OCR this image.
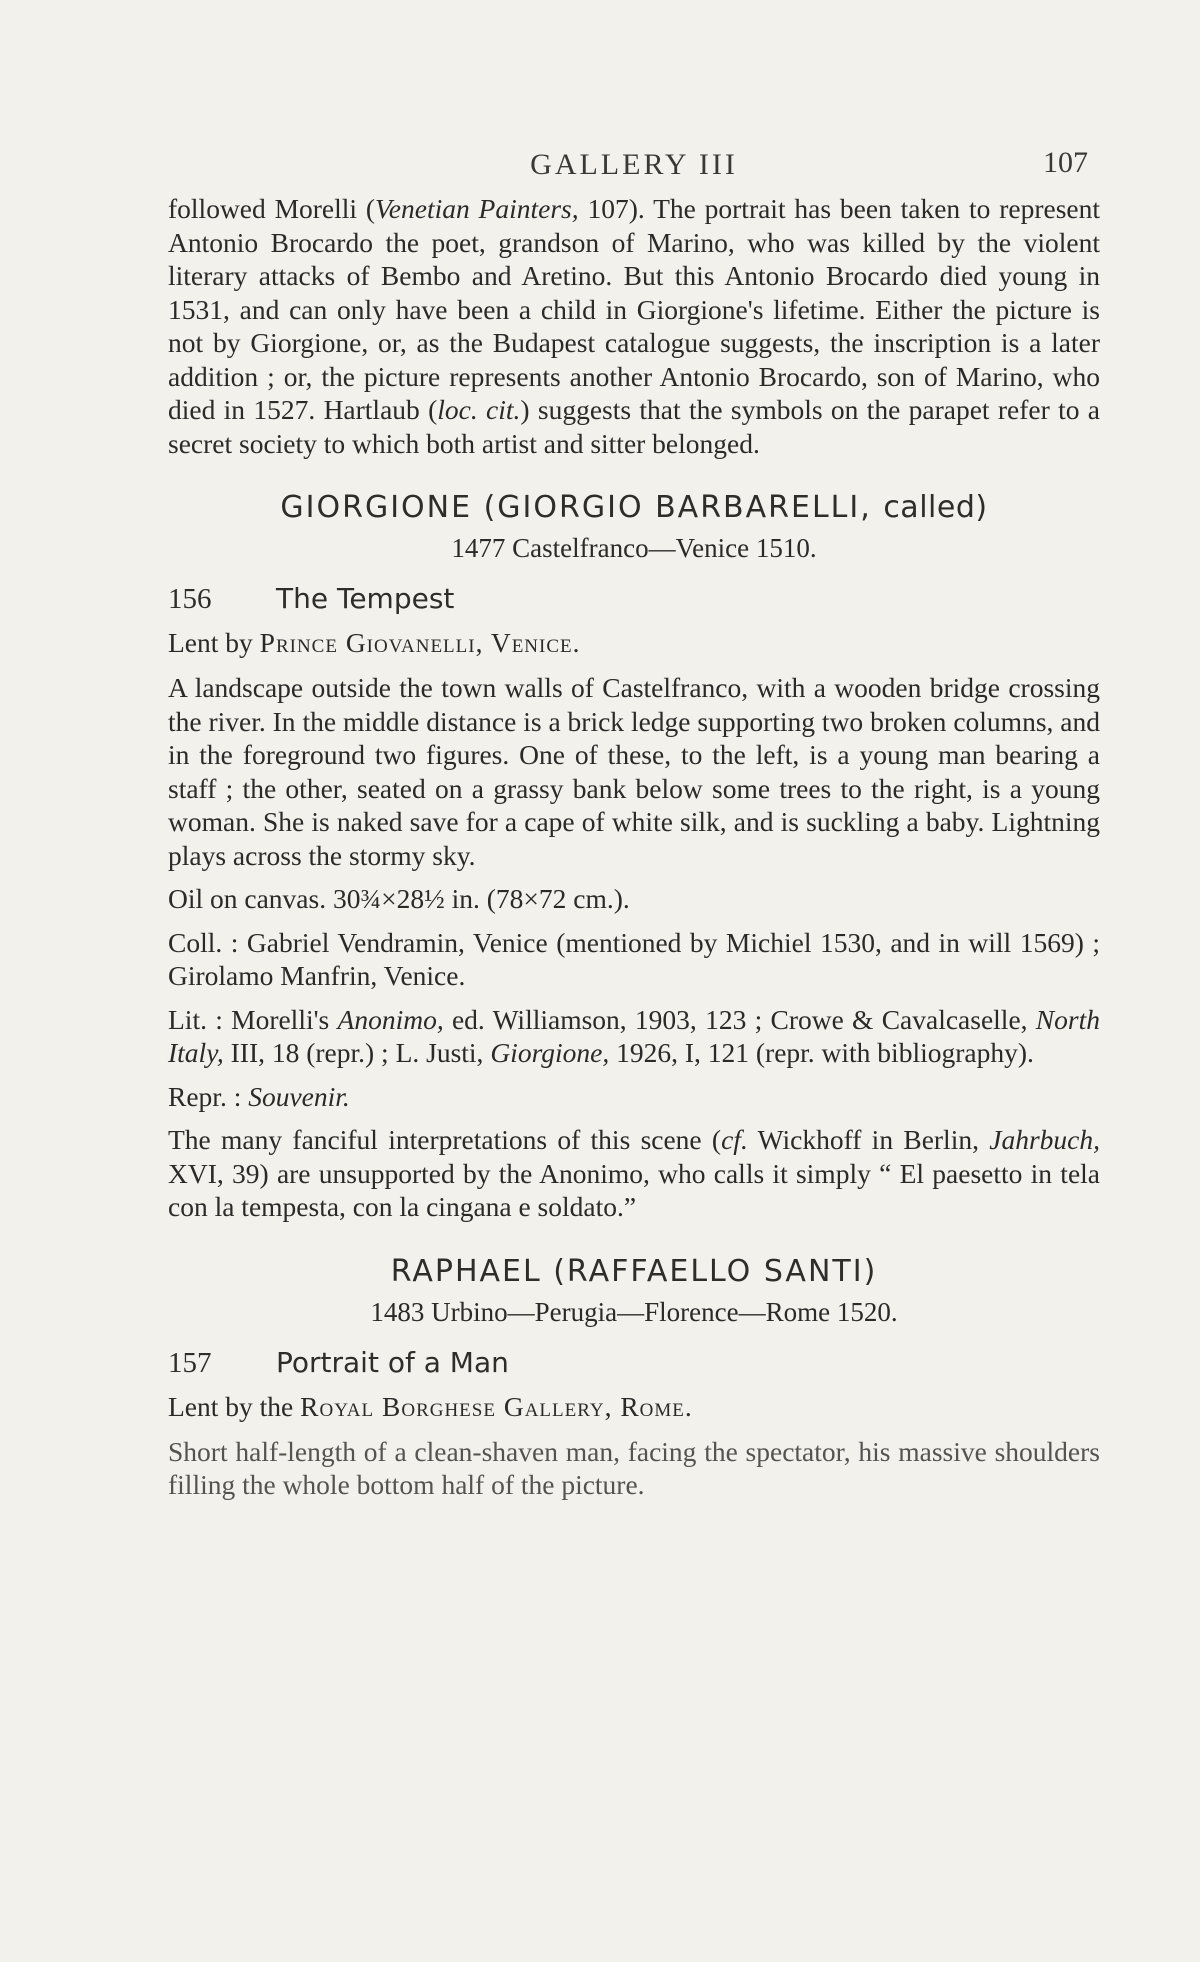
GALLERY III	107

followed Morelli (Venetian Painters, 107). The portrait has been taken to represent Antonio Brocardo the poet, grandson of Marino, who was killed by the violent literary attacks of Bembo and Aretino. But this Antonio Brocardo died young in 1531, and can only have been a child in Giorgione's lifetime. Either the picture is not by Giorgione, or, as the Budapest catalogue suggests, the inscription is a later addition ; or, the picture represents another Antonio Brocardo, son of Marino, who died in 1527. Hartlaub (loc. cit.) suggests that the symbols on the parapet refer to a secret society to which both artist and sitter belonged.

GIORGIONE (GIORGIO BARBARELLI, called)
1477 Castelfranco—Venice 1510.
156 The Tempest
Lent by Prince Giovanelli, Venice.

A landscape outside the town walls of Castelfranco, with a wooden bridge crossing the river. In the middle distance is a brick ledge supporting two broken columns, and in the foreground two figures. One of these, to the left, is a young man bearing a staff ; the other, seated on a grassy bank below some trees to the right, is a young woman. She is naked save for a cape of white silk, and is suckling a baby. Lightning plays across the stormy sky.

Oil on canvas. 30¾×28½ in. (78×72 cm.).

Coll. : Gabriel Vendramin, Venice (mentioned by Michiel 1530, and in will 1569) ; Girolamo Manfrin, Venice.

Lit. : Morelli's Anonimo, ed. Williamson, 1903, 123 ; Crowe & Cavalcaselle, North Italy, III, 18 (repr.) ; L. Justi, Giorgione, 1926, I, 121 (repr. with bibliography).

Repr. : Souvenir.

The many fanciful interpretations of this scene (cf. Wickhoff in Berlin, Jahrbuch, XVI, 39) are unsupported by the Anonimo, who calls it simply “ El paesetto in tela con la tempesta, con la cingana e soldato.”

RAPHAEL (RAFFAELLO SANTI)
1483 Urbino—Perugia—Florence—Rome 1520.
157 Portrait of a Man
Lent by the Royal Borghese Gallery, Rome.

Short half-length of a clean-shaven man, facing the spectator, his massive shoulders filling the whole bottom half of the picture.
